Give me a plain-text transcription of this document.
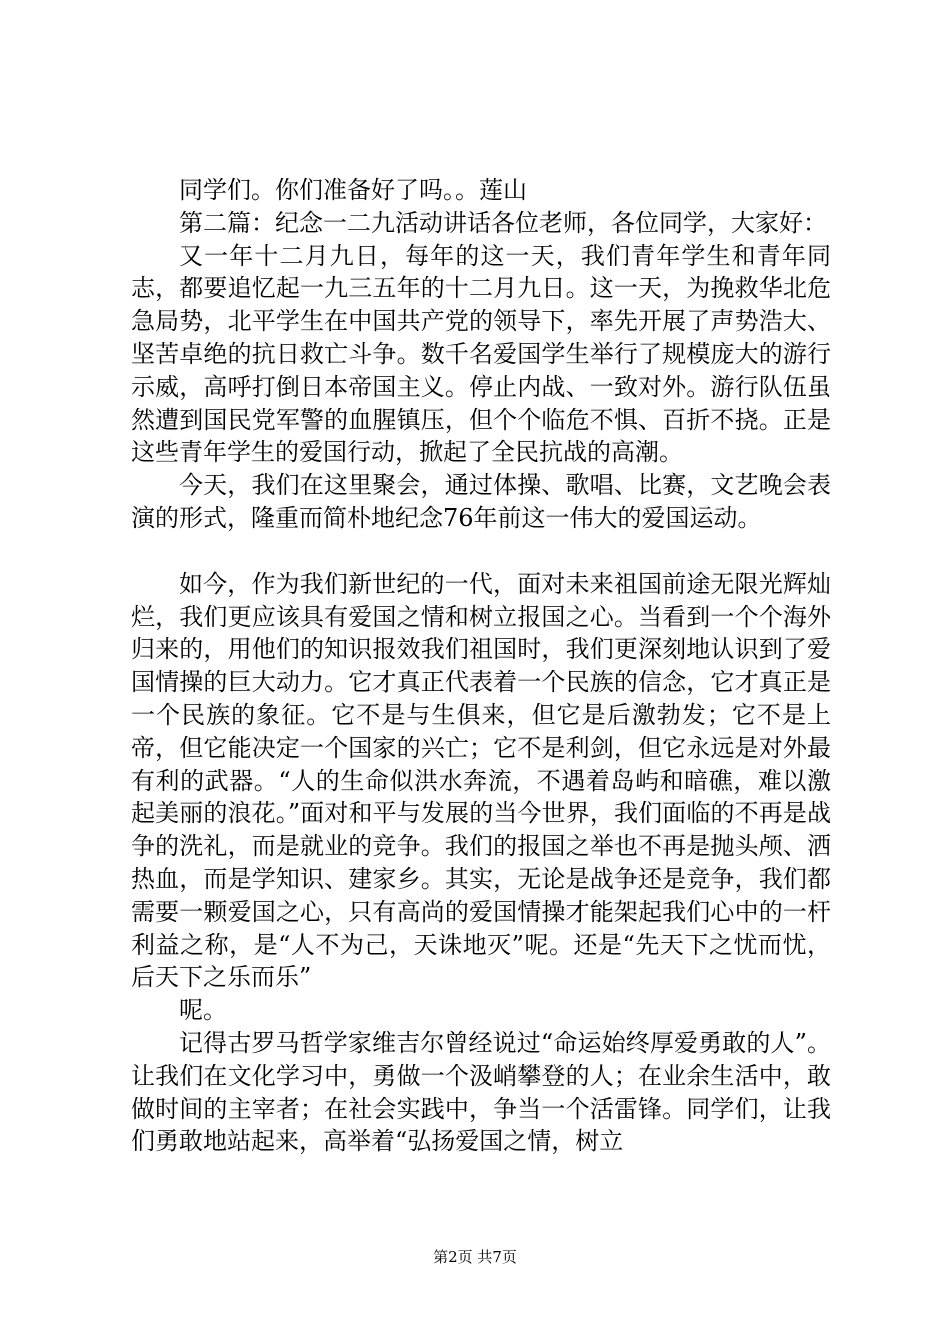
同学们。你们准备好了吗。。莲山

第二篇：纪念一二九活动讲话各位老师，各位同学，大家好：

又一年十二月九日，每年的这一天，我们青年学生和青年同志，都要追忆起一九三五年的十二月九日。这一天，为挽救华北危急局势，北平学生在中国共产党的领导下，率先开展了声势浩大、坚苦卓绝的抗日救亡斗争。数千名爱国学生举行了规模庞大的游行示威，高呼打倒日本帝国主义。停止内战、一致对外。游行队伍虽然遭到国民党军警的血腥镇压，但个个临危不惧、百折不挠。正是这些青年学生的爱国行动，掀起了全民抗战的高潮。

今天，我们在这里聚会，通过体操、歌唱、比赛，文艺晚会表演的形式，隆重而简朴地纪念76年前这一伟大的爱国运动。

如今，作为我们新世纪的一代，面对未来祖国前途无限光辉灿烂，我们更应该具有爱国之情和树立报国之心。当看到一个个海外归来的，用他们的知识报效我们祖国时，我们更深刻地认识到了爱国情操的巨大动力。它才真正代表着一个民族的信念，它才真正是一个民族的象征。它不是与生俱来，但它是后激勃发；它不是上帝，但它能决定一个国家的兴亡；它不是利剑，但它永远是对外最有利的武器。“人的生命似洪水奔流，不遇着岛屿和暗礁，难以激起美丽的浪花。”面对和平与发展的当今世界，我们面临的不再是战争的洗礼，而是就业的竞争。我们的报国之举也不再是抛头颅、洒热血，而是学知识、建家乡。其实，无论是战争还是竞争，我们都需要一颗爱国之心，只有高尚的爱国情操才能架起我们心中的一杆利益之称，是“人不为己，天诛地灭”呢。还是“先天下之忧而忧，后天下之乐而乐”

呢。

记得古罗马哲学家维吉尔曾经说过“命运始终厚爱勇敢的人”。让我们在文化学习中，勇做一个汲峭攀登的人；在业余生活中，敢做时间的主宰者；在社会实践中，争当一个活雷锋。同学们，让我们勇敢地站起来，高举着“弘扬爱国之情，树立

第2页 共7页
